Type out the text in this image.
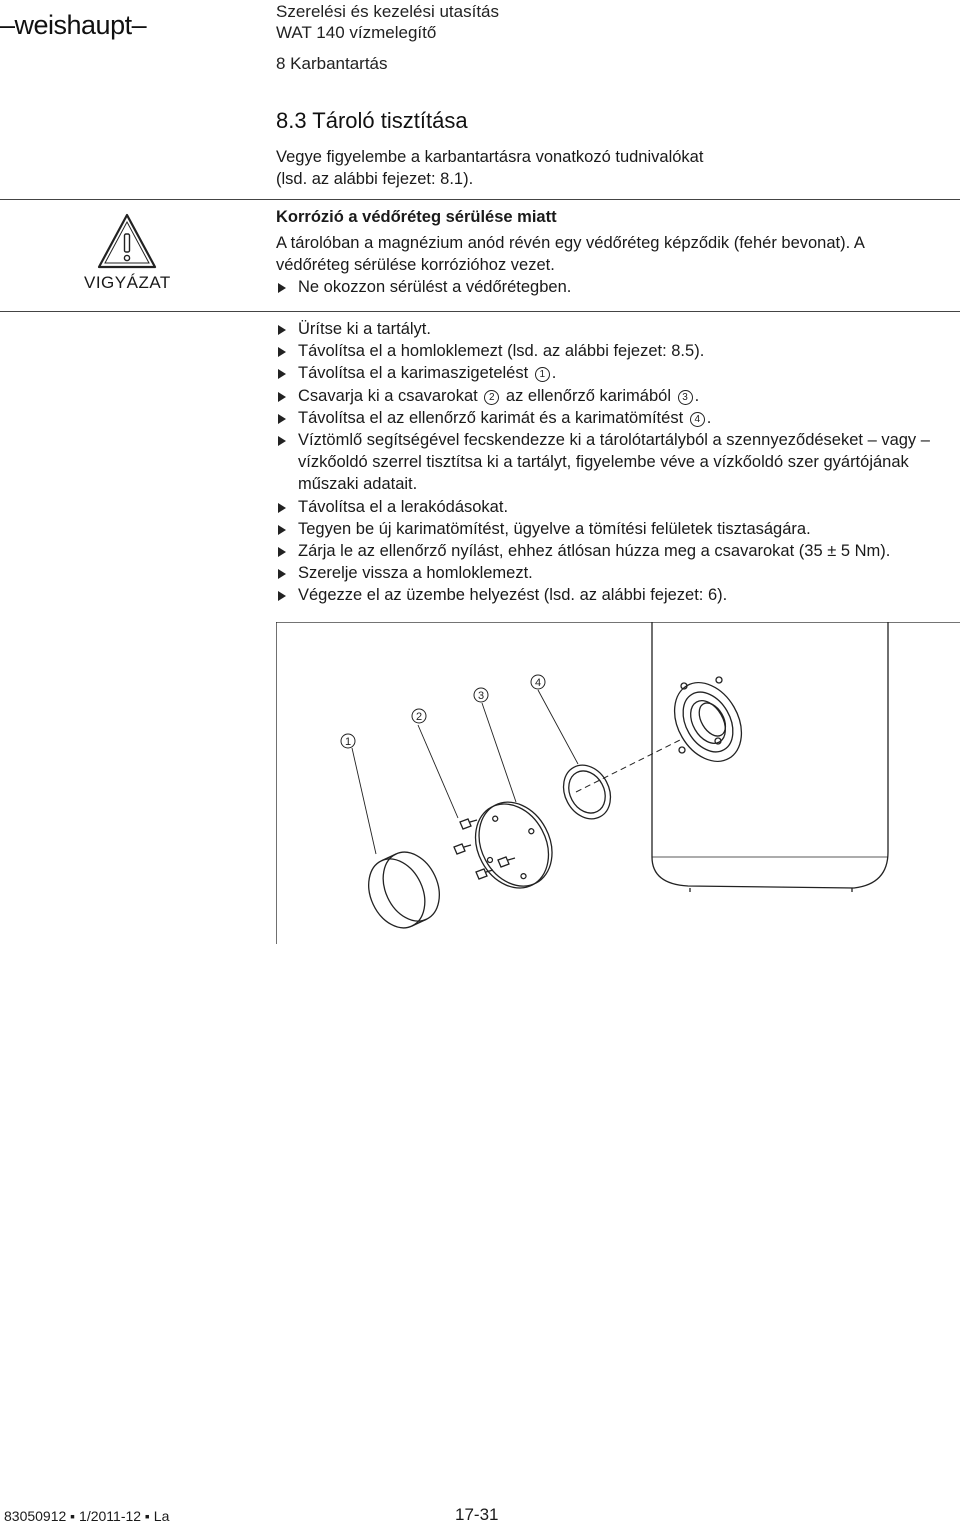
–weishaupt–	Szerelési és kezelési utasítás
WAT 140 vízmelegítő
8 Karbantartás
8.3 Tároló tisztítása
Vegye figyelembe a karbantartásra vonatkozó tudnivalókat
(lsd. az alábbi fejezet: 8.1).
VIGYÁZAT
Korrózió a védőréteg sérülése miatt
A tárolóban a magnézium anód révén egy védőréteg képződik (fehér bevonat). A védőréteg sérülése korrózióhoz vezet.
Ne okozzon sérülést a védőrétegben.
Ürítse ki a tartályt.
Távolítsa el a homloklemezt (lsd. az alábbi fejezet: 8.5).
Távolítsa el a karimaszigetelést 1 .
Csavarja ki a csavarokat 2 az ellenőrző karimából 3 .
Távolítsa el az ellenőrző karimát és a karimatömítést 4 .
Víztömlő segítségével fecskendezze ki a tárolótartályból a szennyeződéseket – vagy – vízkőoldó szerrel tisztítsa ki a tartályt, figyelembe véve a vízkőoldó szer gyártójának műszaki adatait.
Távolítsa el a lerakódásokat.
Tegyen be új karimatömítést, ügyelve a tömítési felületek tisztaságára.
Zárja le az ellenőrző nyílást, ehhez átlósan húzza meg a csavarokat (35 ± 5 Nm).
Szerelje vissza a homloklemezt.
Végezze el az üzembe helyezést (lsd. az alábbi fejezet: 6).
1
2
3
4
83050912 ▪ 1/2011-12 ▪ La	17-31
